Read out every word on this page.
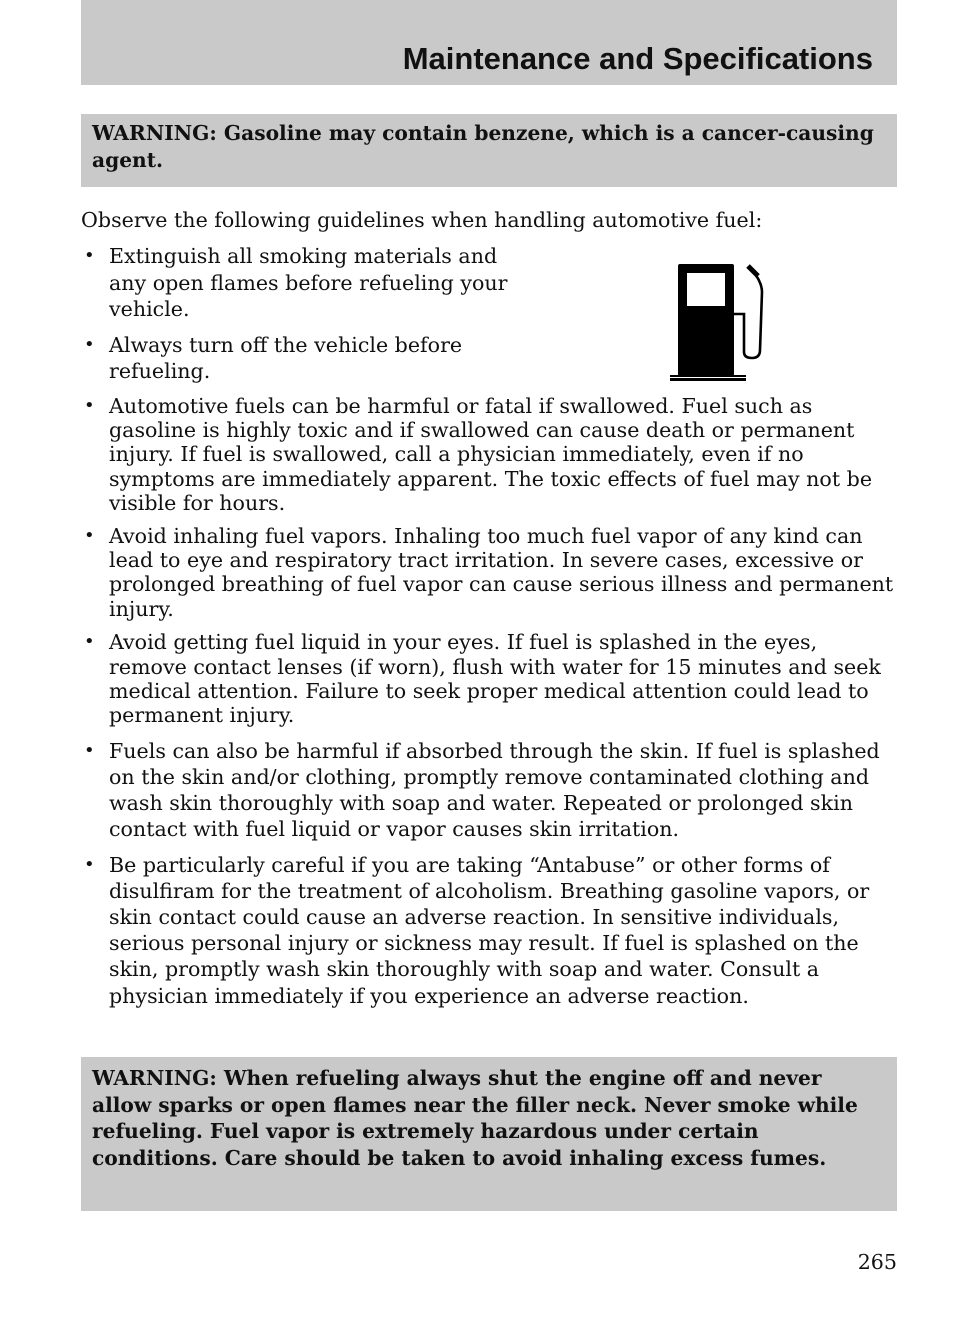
Maintenance and Specifications
WARNING: Gasoline may contain benzene, which is a cancer-causing agent.
Observe the following guidelines when handling automotive fuel:
• Extinguish all smoking materials and any open flames before refueling your vehicle.
• Always turn off the vehicle before refueling.
• Automotive fuels can be harmful or fatal if swallowed. Fuel such as gasoline is highly toxic and if swallowed can cause death or permanent injury. If fuel is swallowed, call a physician immediately, even if no symptoms are immediately apparent. The toxic effects of fuel may not be visible for hours.
• Avoid inhaling fuel vapors. Inhaling too much fuel vapor of any kind can lead to eye and respiratory tract irritation. In severe cases, excessive or prolonged breathing of fuel vapor can cause serious illness and permanent injury.
• Avoid getting fuel liquid in your eyes. If fuel is splashed in the eyes, remove contact lenses (if worn), flush with water for 15 minutes and seek medical attention. Failure to seek proper medical attention could lead to permanent injury.
• Fuels can also be harmful if absorbed through the skin. If fuel is splashed on the skin and/or clothing, promptly remove contaminated clothing and wash skin thoroughly with soap and water. Repeated or prolonged skin contact with fuel liquid or vapor causes skin irritation.
• Be particularly careful if you are taking “Antabuse” or other forms of disulfiram for the treatment of alcoholism. Breathing gasoline vapors, or skin contact could cause an adverse reaction. In sensitive individuals, serious personal injury or sickness may result. If fuel is splashed on the skin, promptly wash skin thoroughly with soap and water. Consult a physician immediately if you experience an adverse reaction.
WARNING: When refueling always shut the engine off and never allow sparks or open flames near the filler neck. Never smoke while refueling. Fuel vapor is extremely hazardous under certain conditions. Care should be taken to avoid inhaling excess fumes.
265
